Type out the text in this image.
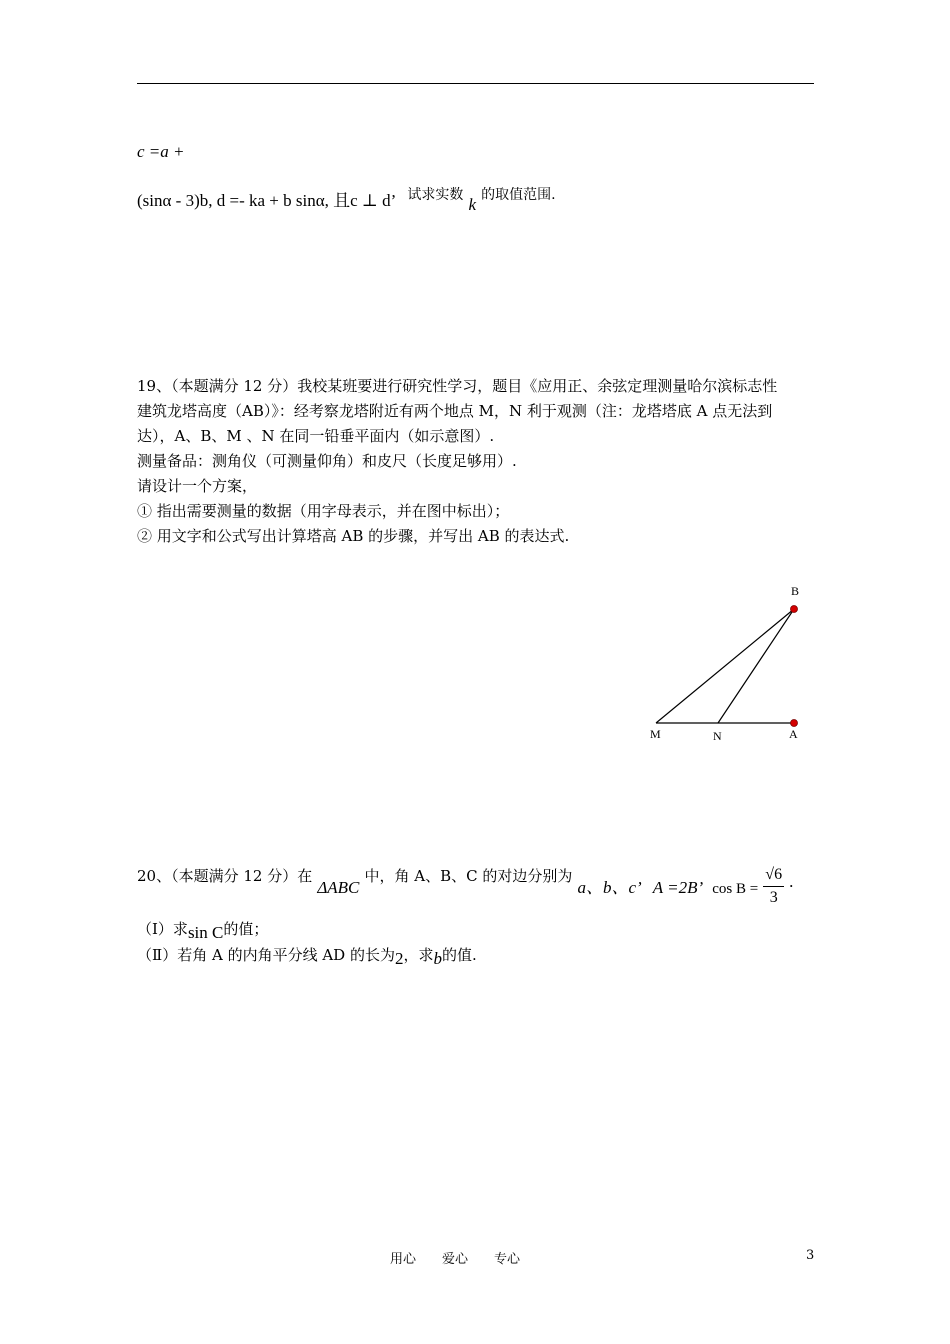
c =a +
(sinα - 3)b, d =- ka + b sinα, 且c ⊥ d’ 试求实数 k 的取值范围.
19、（本题满分 12 分）我校某班要进行研究性学习，题目《应用正、余弦定理测量哈尔滨标志性
建筑龙塔高度（AB）》：经考察龙塔附近有两个地点 M，N 利于观测（注：龙塔塔底 A 点无法到
达），A、B、M 、N 在同一铅垂平面内（如示意图）.
测量备品：测角仪（可测量仰角）和皮尺（长度足够用）.
请设计一个方案，
① 指出需要测量的数据（用字母表示，并在图中标出）；
② 用文字和公式写出计算塔高 AB 的步骤，并写出 AB 的表达式.
B
M	N	A
20、（本题满分 12 分）在 ΔABC 中，角 A、B、C 的对边分别为 a、b、c’ A =2B’ $\cos B = \frac{√6}{3}$ .
（Ⅰ）求sin C的值；
（Ⅱ）若角 A 的内角平分线 AD 的长为2，求b的值.
用心　　爱心　　专心	3
